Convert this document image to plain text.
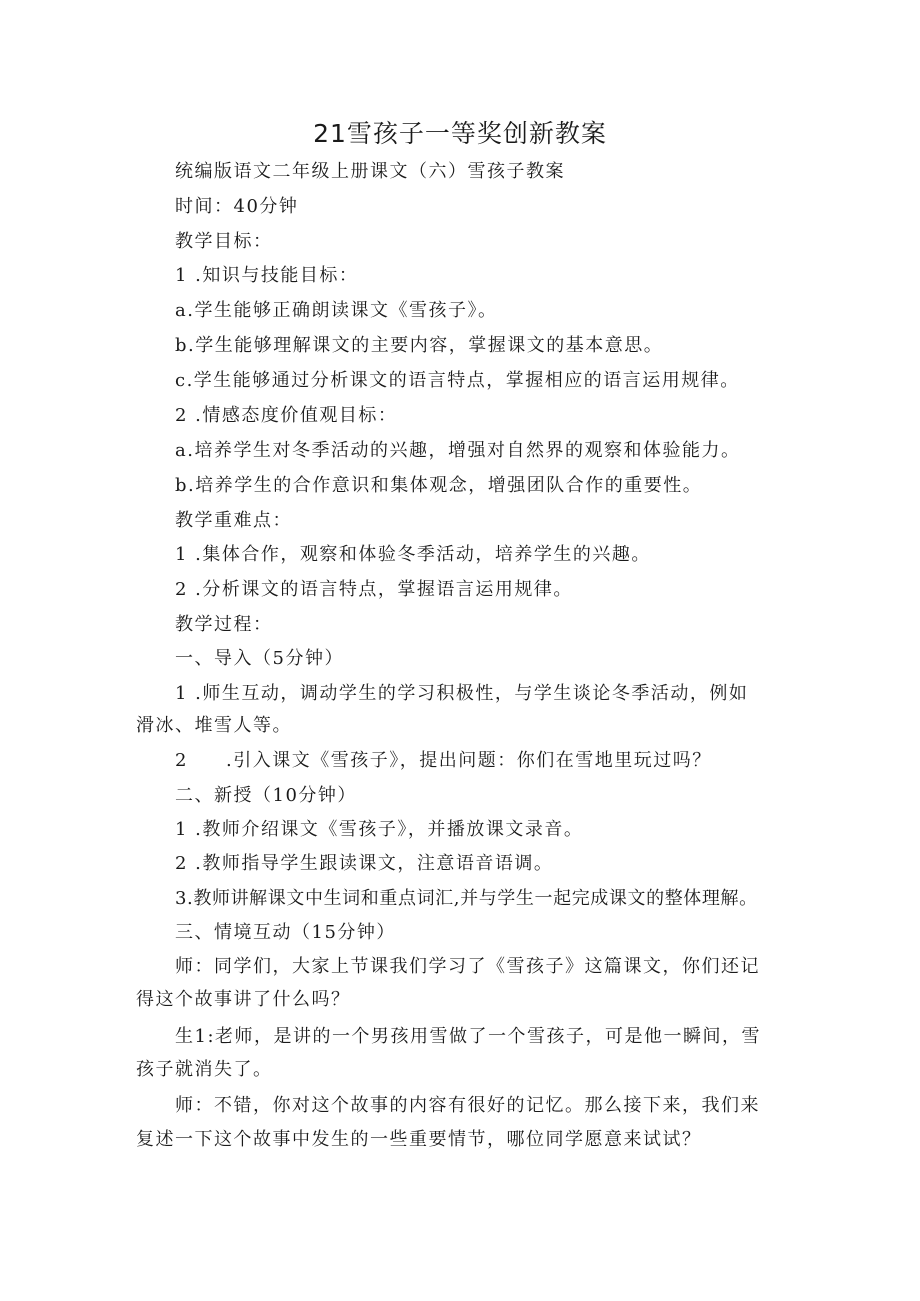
21雪孩子一等奖创新教案
统编版语文二年级上册课文（六）雪孩子教案
时间：40分钟
教学目标：
1 .知识与技能目标：
a.学生能够正确朗读课文《雪孩子》。
b.学生能够理解课文的主要内容，掌握课文的基本意思。
c.学生能够通过分析课文的语言特点，掌握相应的语言运用规律。
2 .情感态度价值观目标：
a.培养学生对冬季活动的兴趣，增强对自然界的观察和体验能力。
b.培养学生的合作意识和集体观念，增强团队合作的重要性。
教学重难点：
1 .集体合作，观察和体验冬季活动，培养学生的兴趣。
2 .分析课文的语言特点，掌握语言运用规律。
教学过程：
一、导入（5分钟）
1 .师生互动，调动学生的学习积极性，与学生谈论冬季活动，例如
滑冰、堆雪人等。
2 .引入课文《雪孩子》，提出问题：你们在雪地里玩过吗？
二、新授（10分钟）
1 .教师介绍课文《雪孩子》，并播放课文录音。
2 .教师指导学生跟读课文，注意语音语调。
3.教师讲解课文中生词和重点词汇,并与学生一起完成课文的整体理解。
三、情境互动（15分钟）
师：同学们，大家上节课我们学习了《雪孩子》这篇课文，你们还记
得这个故事讲了什么吗？
生1:老师，是讲的一个男孩用雪做了一个雪孩子，可是他一瞬间，雪
孩子就消失了。
师：不错，你对这个故事的内容有很好的记忆。那么接下来，我们来
复述一下这个故事中发生的一些重要情节，哪位同学愿意来试试？
